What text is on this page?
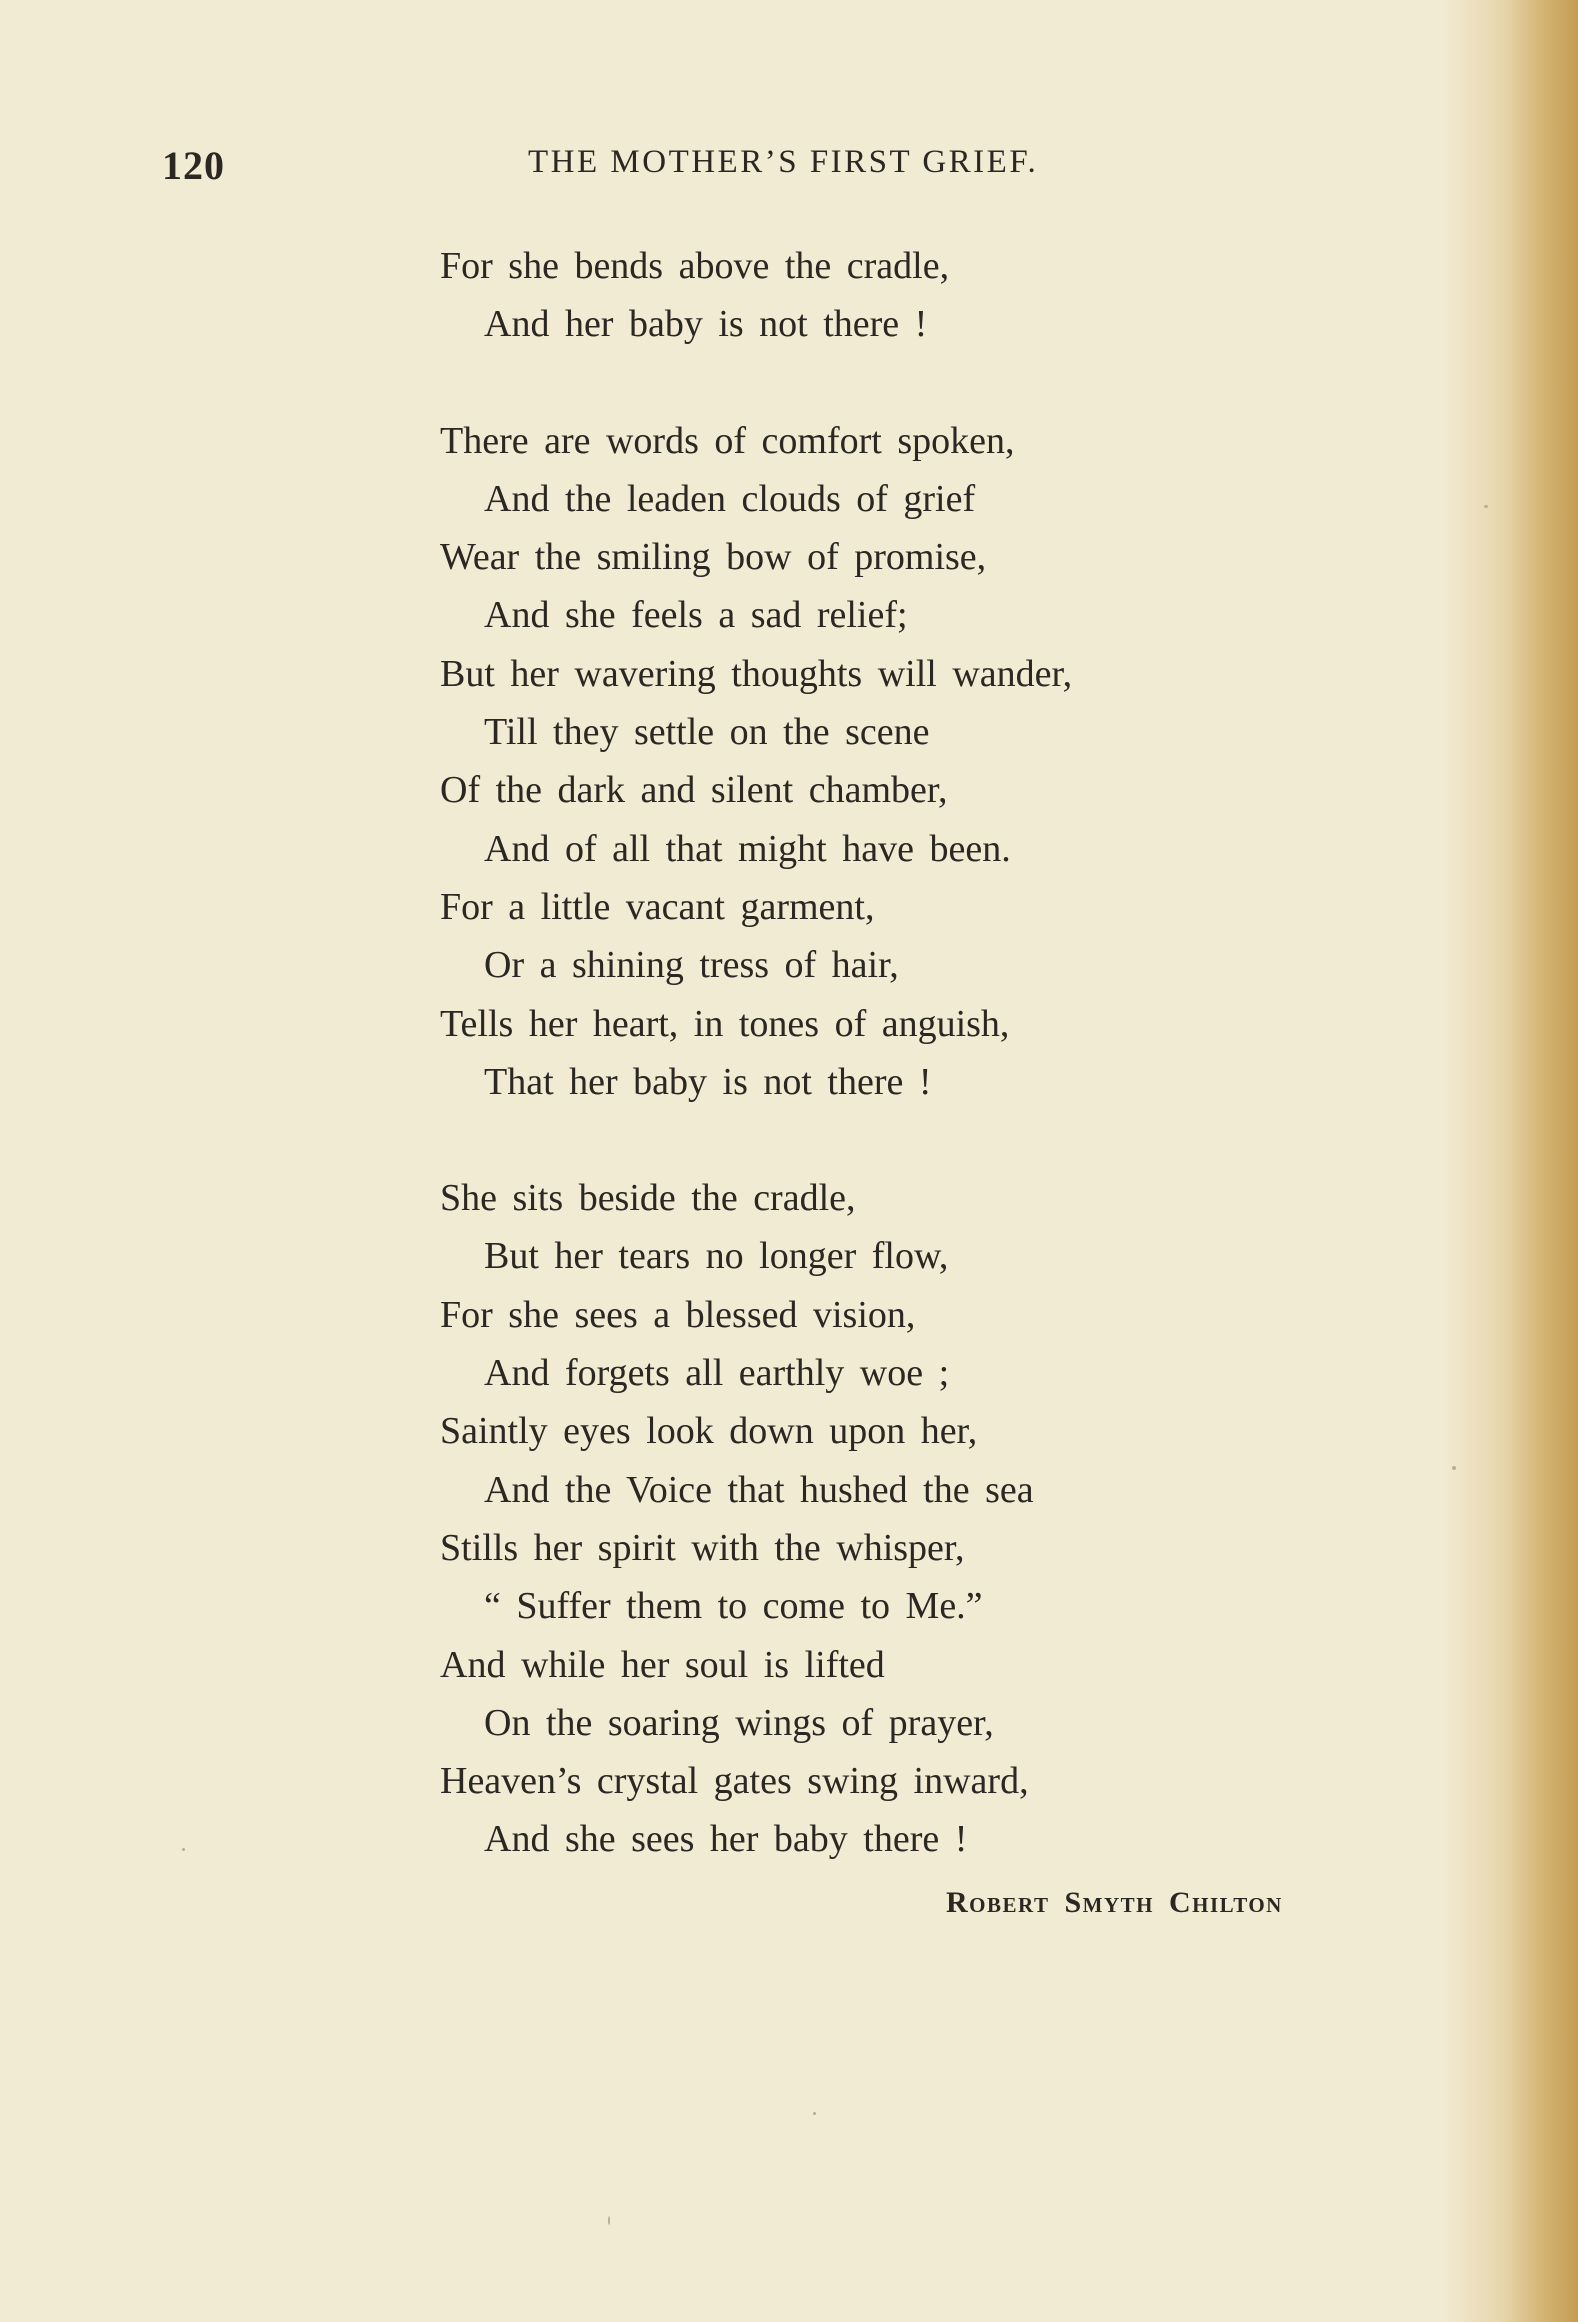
120	THE MOTHER’S FIRST GRIEF.
For she bends above the cradle,
And her baby is not there !
There are words of comfort spoken,
And the leaden clouds of grief
Wear the smiling bow of promise,
And she feels a sad relief;
But her wavering thoughts will wander,
Till they settle on the scene
Of the dark and silent chamber,
And of all that might have been.
For a little vacant garment,
Or a shining tress of hair,
Tells her heart, in tones of anguish,
That her baby is not there !
She sits beside the cradle,
But her tears no longer flow,
For she sees a blessed vision,
And forgets all earthly woe ;
Saintly eyes look down upon her,
And the Voice that hushed the sea
Stills her spirit with the whisper,
“ Suffer them to come to Me.”
And while her soul is lifted
On the soaring wings of prayer,
Heaven’s crystal gates swing inward,
And she sees her baby there !
Robert Smyth Chilton
